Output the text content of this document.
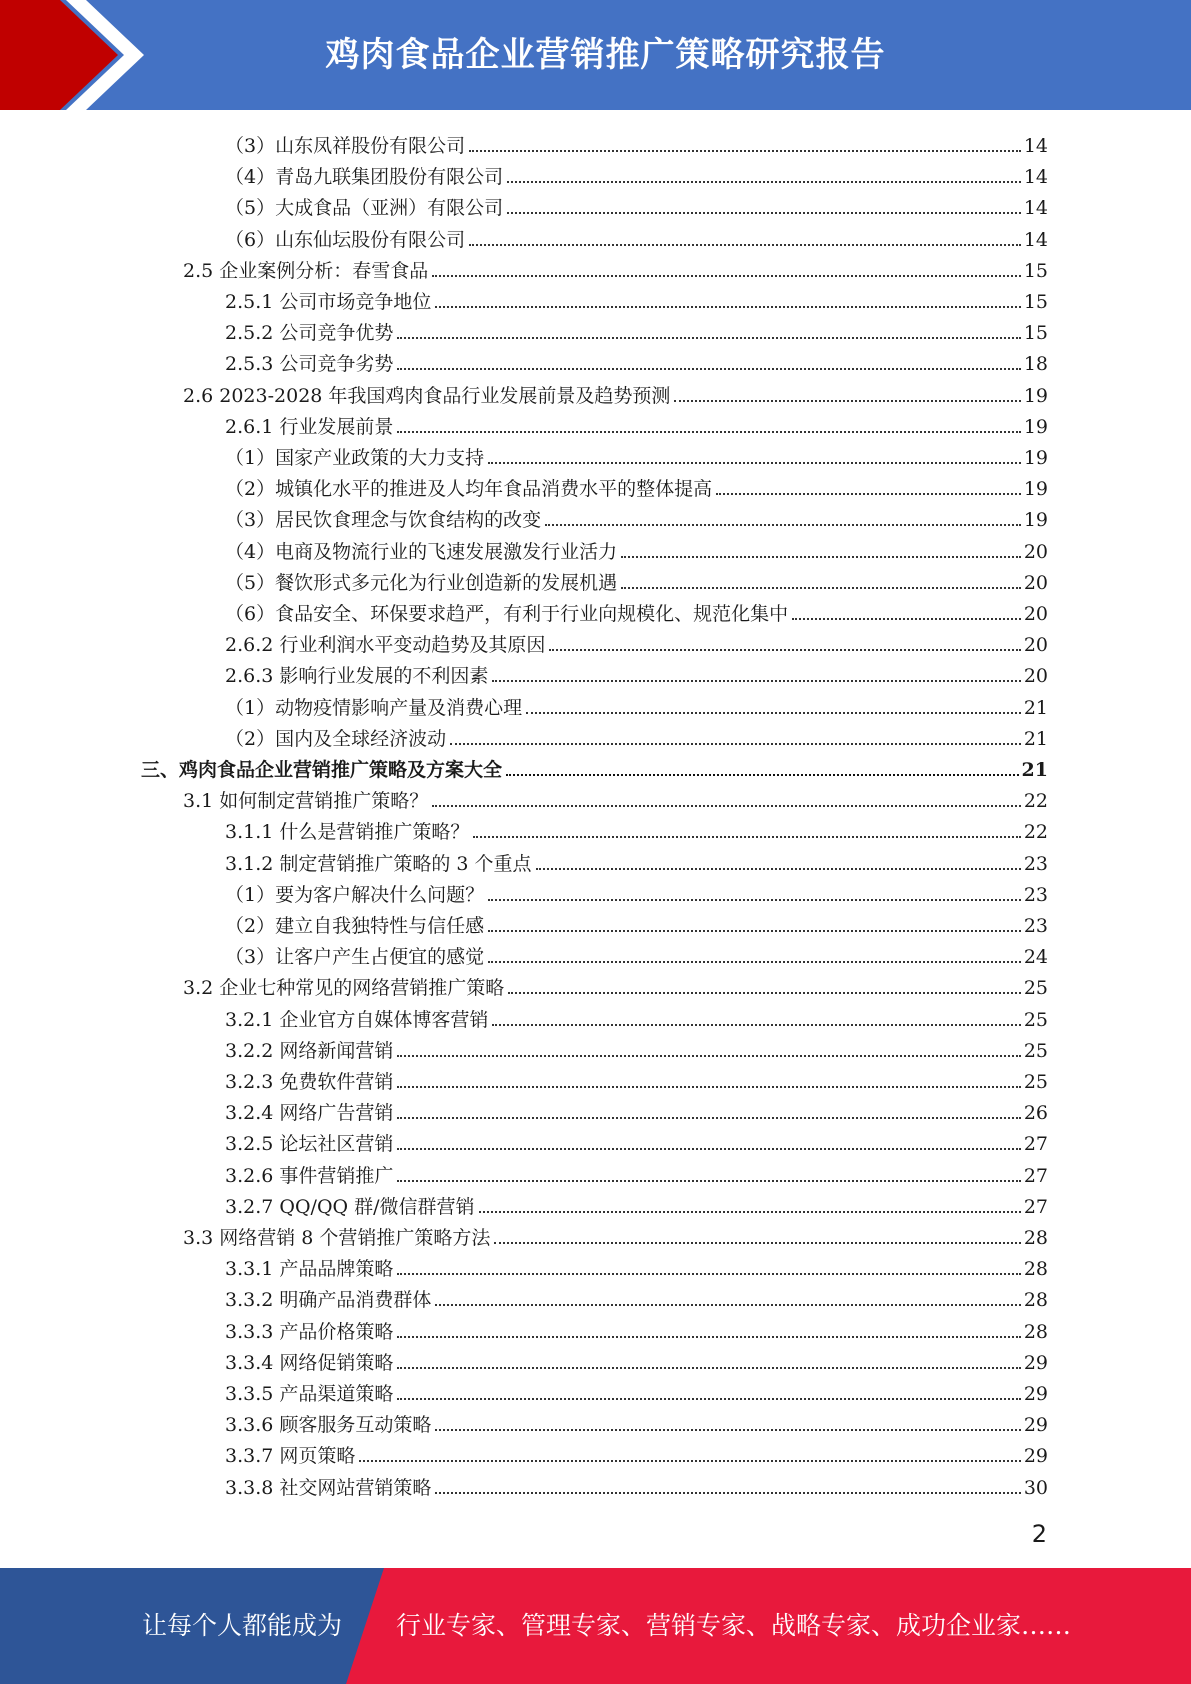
鸡肉食品企业营销推广策略研究报告
（3）山东凤祥股份有限公司	14
（4）青岛九联集团股份有限公司	14
（5）大成食品（亚洲）有限公司	14
（6）山东仙坛股份有限公司	14
2.5 企业案例分析：春雪食品	15
2.5.1 公司市场竞争地位	15
2.5.2 公司竞争优势	15
2.5.3 公司竞争劣势	18
2.6 2023-2028 年我国鸡肉食品行业发展前景及趋势预测	19
2.6.1 行业发展前景	19
（1）国家产业政策的大力支持	19
（2）城镇化水平的推进及人均年食品消费水平的整体提高	19
（3）居民饮食理念与饮食结构的改变	19
（4）电商及物流行业的飞速发展激发行业活力	20
（5）餐饮形式多元化为行业创造新的发展机遇	20
（6）食品安全、环保要求趋严，有利于行业向规模化、规范化集中	20
2.6.2 行业利润水平变动趋势及其原因	20
2.6.3 影响行业发展的不利因素	20
（1）动物疫情影响产量及消费心理	21
（2）国内及全球经济波动	21
三、鸡肉食品企业营销推广策略及方案大全	21
3.1 如何制定营销推广策略？	22
3.1.1 什么是营销推广策略？	22
3.1.2 制定营销推广策略的 3 个重点	23
（1）要为客户解决什么问题？	23
（2）建立自我独特性与信任感	23
（3）让客户产生占便宜的感觉	24
3.2 企业七种常见的网络营销推广策略	25
3.2.1 企业官方自媒体博客营销	25
3.2.2 网络新闻营销	25
3.2.3 免费软件营销	25
3.2.4 网络广告营销	26
3.2.5 论坛社区营销	27
3.2.6 事件营销推广	27
3.2.7 QQ/QQ 群/微信群营销	27
3.3 网络营销 8 个营销推广策略方法	28
3.3.1 产品品牌策略	28
3.3.2 明确产品消费群体	28
3.3.3 产品价格策略	28
3.3.4 网络促销策略	29
3.3.5 产品渠道策略	29
3.3.6 顾客服务互动策略	29
3.3.7 网页策略	29
3.3.8 社交网站营销策略	30
2
让每个人都能成为 行业专家、管理专家、营销专家、战略专家、成功企业家……
